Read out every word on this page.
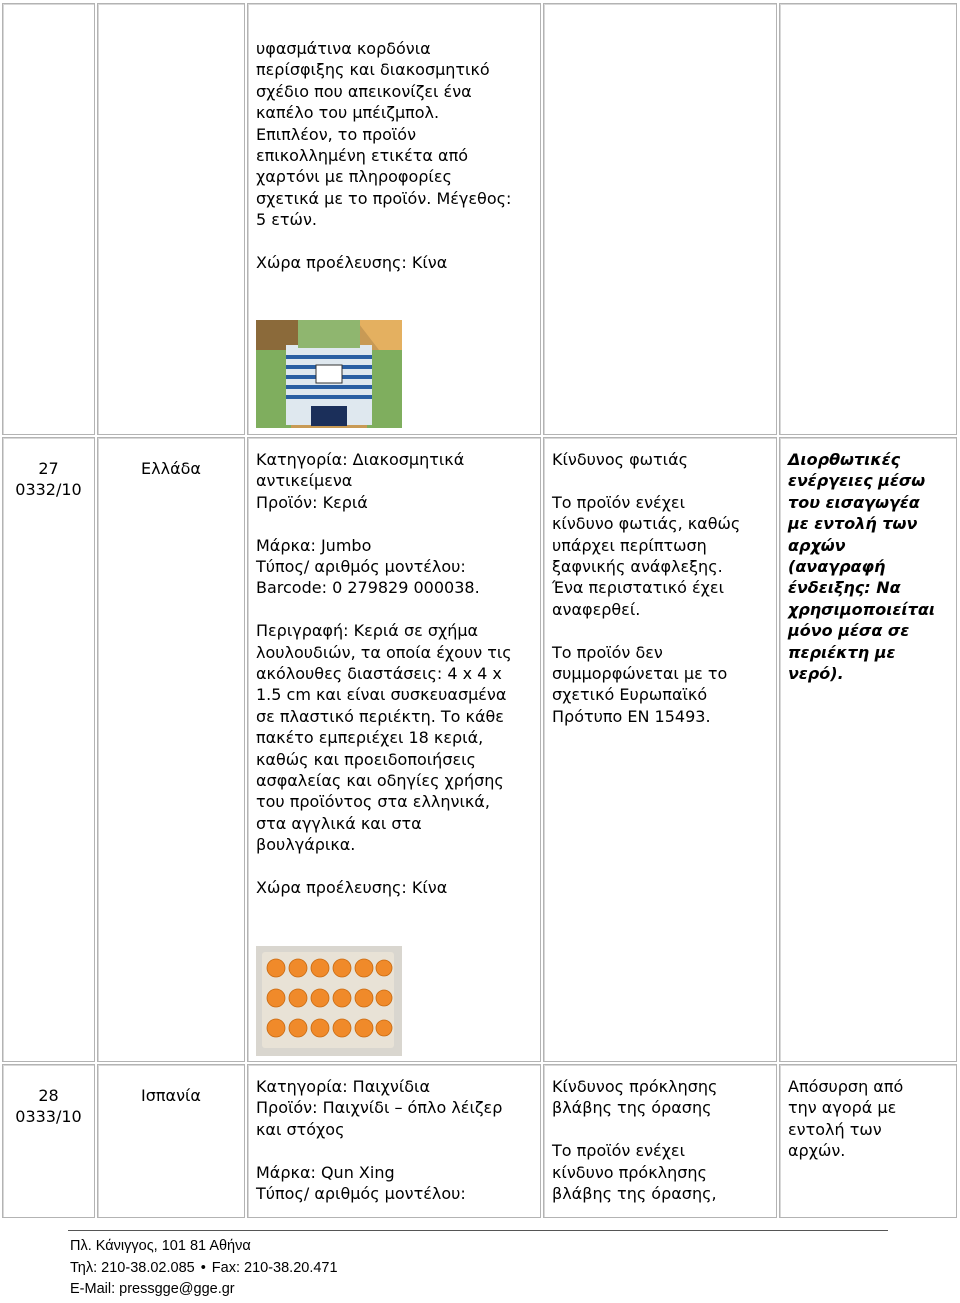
υφασμάτινα κορδόνια
περίσφιξης και διακοσμητικό
σχέδιο που απεικονίζει ένα
καπέλο του μπέιζμπολ.
Επιπλέον, το προϊόν
επικολλημένη ετικέτα από
χαρτόνι με πληροφορίες
σχετικά με το προϊόν. Μέγεθος:
5 ετών.

Χώρα προέλευσης: Κίνα

27
0332/10
Ελλάδα	Κατηγορία: Διακοσμητικά
αντικείμενα
Προϊόν: Κεριά

Μάρκα: Jumbo
Τύπος/ αριθμός μοντέλου:
Barcode: 0 279829 000038.

Περιγραφή: Κεριά σε σχήμα
λουλουδιών, τα οποία έχουν τις
ακόλουθες διαστάσεις: 4 x 4 x
1.5 cm και είναι συσκευασμένα
σε πλαστικό περιέκτη. Το κάθε
πακέτο εμπεριέχει 18 κεριά,
καθώς και προειδοποιήσεις
ασφαλείας και οδηγίες χρήσης
του προϊόντος στα ελληνικά,
στα αγγλικά και στα
βουλγάρικα.

Χώρα προέλευσης: Κίνα

Κίνδυνος φωτιάς

Το προϊόν ενέχει
κίνδυνο φωτιάς, καθώς
υπάρχει περίπτωση
ξαφνικής ανάφλεξης.
Ένα περιστατικό έχει
αναφερθεί.

Το προϊόν δεν
συμμορφώνεται με το
σχετικό Ευρωπαϊκό
Πρότυπο EN 15493.

Διορθωτικές
ενέργειες μέσω
του εισαγωγέα
με εντολή των
αρχών
(αναγραφή
ένδειξης: Να
χρησιμοποιείται
μόνο μέσα σε
περιέκτη με
νερό).

28
0333/10
Ισπανία	Κατηγορία: Παιχνίδια
Προϊόν: Παιχνίδι – όπλο λέιζερ
και στόχος

Μάρκα: Qun Xing
Τύπος/ αριθμός μοντέλου:

Κίνδυνος πρόκλησης
βλάβης της όρασης

Το προϊόν ενέχει
κίνδυνο πρόκλησης
βλάβης της όρασης,

Απόσυρση από
την αγορά με
εντολή των
αρχών.

Πλ. Κάνιγγος, 101 81 Αθήνα
Τηλ: 210-38.02.085 • Fax: 210-38.20.471
E-Mail: pressgge@gge.gr
